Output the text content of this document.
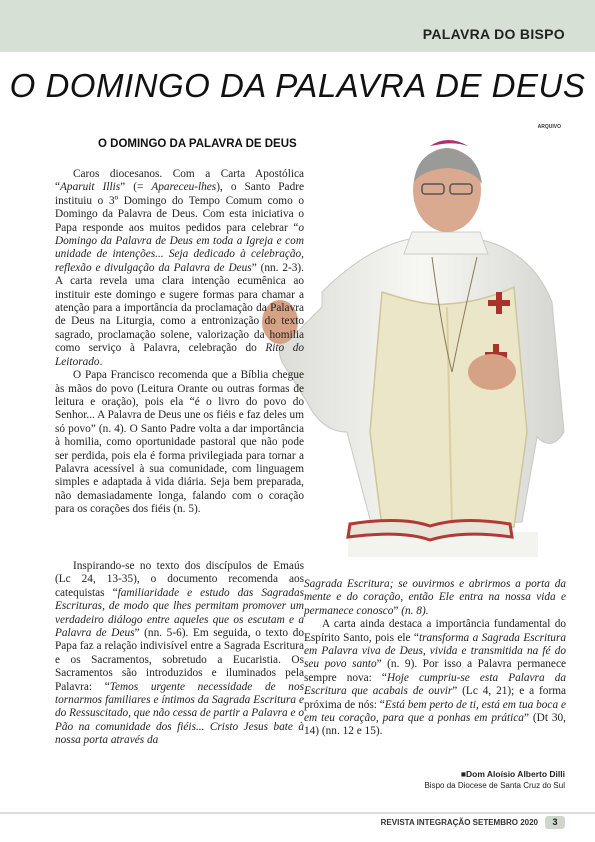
PALAVRA DO BISPO
O DOMINGO DA PALAVRA DE DEUS
ARQUIVO
O DOMINGO DA PALAVRA DE DEUS

Caros diocesanos. Com a Carta Apostólica “Aparuit Illis” (= Apareceu-lhes), o Santo Padre instituiu o 3º Domingo do Tempo Comum como o Domingo da Palavra de Deus. Com esta iniciativa o Papa responde aos muitos pedidos para celebrar “o Domingo da Palavra de Deus em toda a Igreja e com unidade de intenções... Seja dedicado à celebração, reflexão e divulgação da Palavra de Deus” (nn. 2-3). A carta revela uma clara intenção ecumênica ao instituir este domingo e sugere formas para chamar a atenção para a importância da proclamação da Palavra de Deus na Liturgia, como a entronização do texto sagrado, proclamação solene, valorização da homilia como serviço à Palavra, celebração do Rito do Leitorado.

O Papa Francisco recomenda que a Bíblia chegue às mãos do povo (Leitura Orante ou outras formas de leitura e oração), pois ela “é o livro do povo do Senhor... A Palavra de Deus une os fiéis e faz deles um só povo” (n. 4). O Santo Padre volta a dar importância à homilia, como oportunidade pastoral que não pode ser perdida, pois ela é forma privilegiada para tornar a Palavra acessível à sua comunidade, com linguagem simples e adaptada à vida diária. Seja bem preparada, não demasiadamente longa, falando com o coração para os corações dos fiéis (n. 5).

Inspirando-se no texto dos discípulos de Emaús (Lc 24, 13-35), o documento recomenda aos catequistas “familiaridade e estudo das Sagradas Escrituras, de modo que lhes permitam promover um verdadeiro diálogo entre aqueles que os escutam e a Palavra de Deus” (nn. 5-6). Em seguida, o texto do Papa faz a relação indivisível entre a Sagrada Escritura e os Sacramentos, sobretudo a Eucaristia. Os Sacramentos são introduzidos e iluminados pela Palavra: “Temos urgente necessidade de nos tornarmos familiares e íntimos da Sagrada Escritura e do Ressuscitado, que não cessa de partir a Palavra e o Pão na comunidade dos fiéis... Cristo Jesus bate à nossa porta através da

Sagrada Escritura; se ouvirmos e abrirmos a porta da mente e do coração, então Ele entra na nossa vida e permanece conosco” (n. 8).

A carta ainda destaca a importância fundamental do Espírito Santo, pois ele “transforma a Sagrada Escritura em Palavra viva de Deus, vivida e transmitida na fé do seu povo santo” (n. 9). Por isso a Palavra permanece sempre nova: “Hoje cumpriu-se esta Palavra da Escritura que acabais de ouvir” (Lc 4, 21); e a forma próxima de nós: “Está bem perto de ti, está em tua boca e em teu coração, para que a ponhas em prática” (Dt 30, 14) (nn. 12 e 15).

■Dom Aloísio Alberto Dilli
Bispo da Diocese de Santa Cruz do Sul
REVISTA INTEGRAÇÃO SETEMBRO 2020	3
